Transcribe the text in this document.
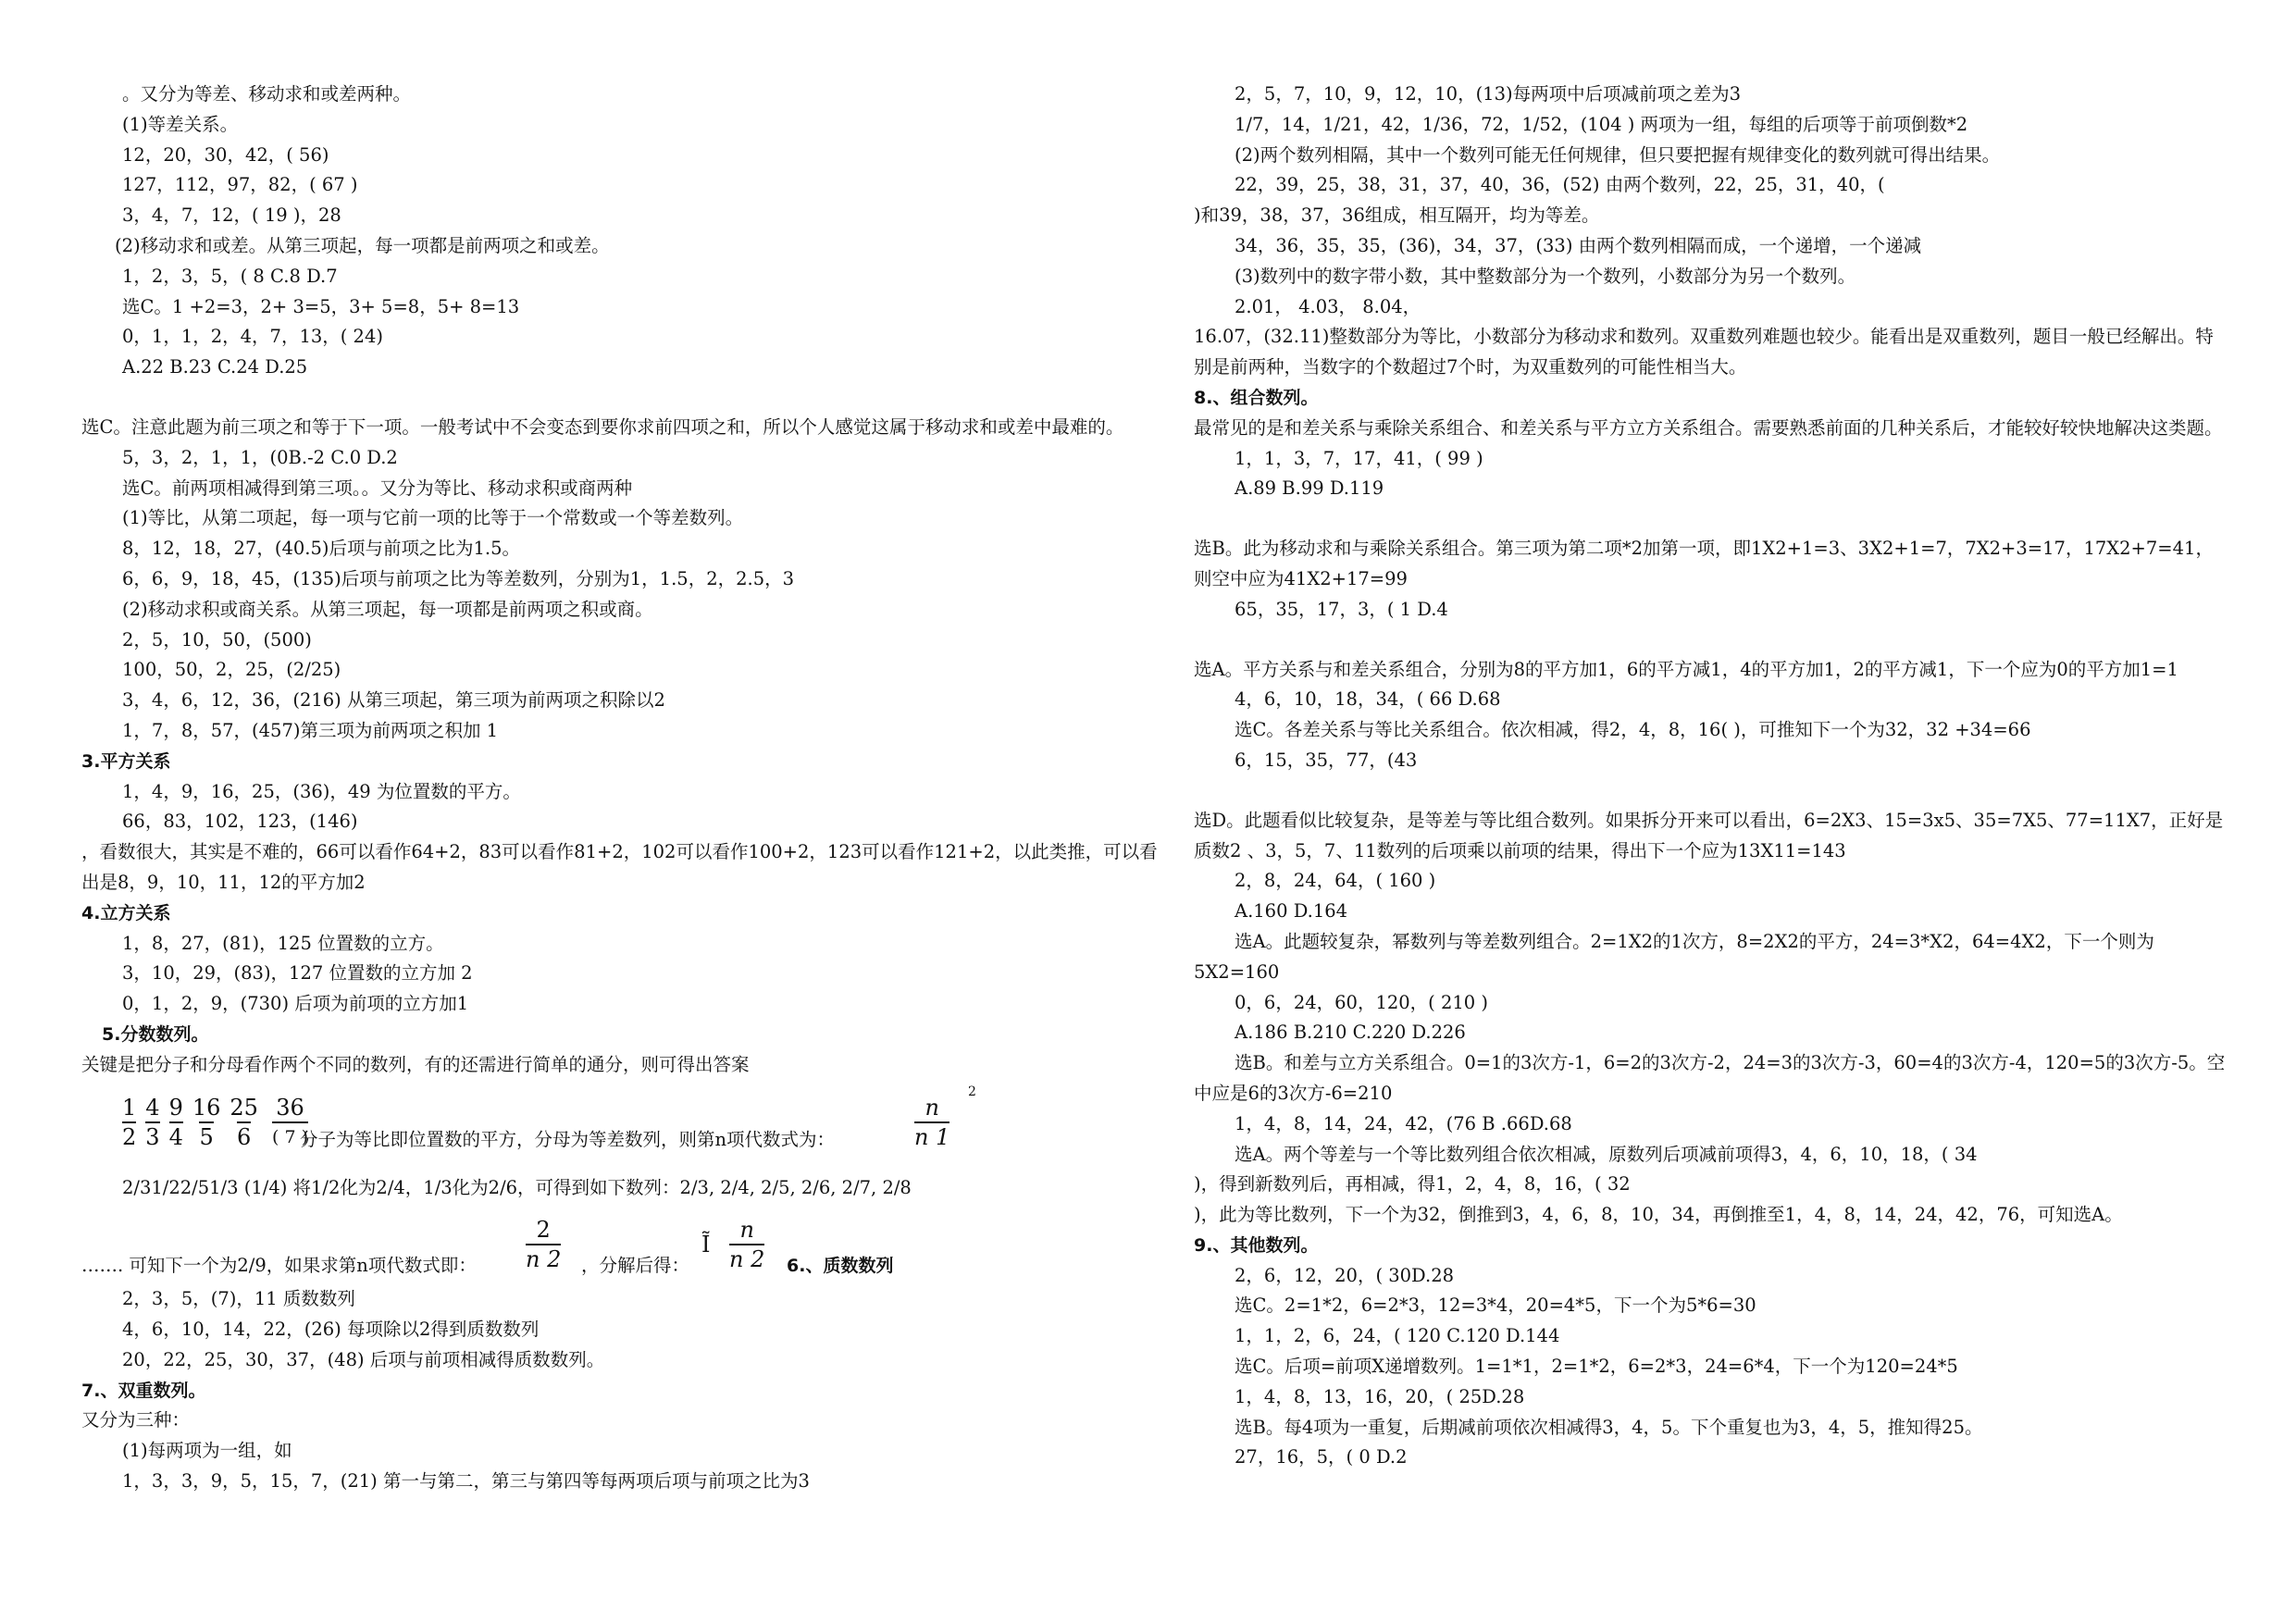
。又分为等差、移动求和或差两种。
(1)等差关系。
12，20，30，42，( 56)
127，112，97，82，( 67 )
3，4，7，12，( 19 )，28
(2)移动求和或差。从第三项起，每一项都是前两项之和或差。
1，2，3，5，( 8 C.8 D.7
选C。1 +2=3，2+ 3=5，3+ 5=8，5+ 8=13
0，1，1，2，4，7，13，( 24)
A.22 B.23 C.24 D.25
选C。注意此题为前三项之和等于下一项。一般考试中不会变态到要你求前四项之和，所以个人感觉这属于移动求和或差中最难的。
5，3，2，1，1，(0B.-2 C.0 D.2
选C。前两项相减得到第三项。。又分为等比、移动求积或商两种
(1)等比，从第二项起，每一项与它前一项的比等于一个常数或一个等差数列。
8，12，18，27，(40.5)后项与前项之比为1.5。
6，6，9，18，45，(135)后项与前项之比为等差数列，分别为1，1.5，2，2.5，3
(2)移动求积或商关系。从第三项起，每一项都是前两项之积或商。
2，5，10，50，(500)
100，50，2，25，(2/25)
3，4，6，12，36，(216) 从第三项起，第三项为前两项之积除以2
1，7，8，57，(457)第三项为前两项之积加 1
3.平方关系
1，4，9，16，25，(36)，49 为位置数的平方。
66，83，102，123，(146)
，看数很大，其实是不难的，66可以看作64+2，83可以看作81+2，102可以看作100+2，123可以看作121+2，以此类推，可以看出是8，9，10，11，12的平方加2
4.立方关系
1，8，27，(81)，125 位置数的立方。
3，10，29，(83)，127 位置数的立方加 2
0，1，2，9，(730) 后项为前项的立方加1
5.分数数列。
关键是把分子和分母看作两个不同的数列，有的还需进行简单的通分，则可得出答案
$\frac{1}{2} \frac{4}{3} \frac{9}{4} \frac{16}{5} \frac{25}{6} 36$
( 7 )
分子为等比即位置数的平方，分母为等差数列，则第n项代数式为：	$\frac{n}{n 1}$
2
2/31/22/51/3 (1/4) 将1/2化为2/4，1/3化为2/6，可得到如下数列：2/3, 2/4, 2/5, 2/6, 2/7, 2/8
……. 可知下一个为2/9，如果求第n项代数式即： $\frac{2}{n 2}$ ，分解后得：
Ĩ $\frac{n}{n 2} 6$.、质数数列
2，3，5，(7)，11 质数数列
4，6，10，14，22，(26) 每项除以2得到质数数列
20，22，25，30，37，(48) 后项与前项相减得质数数列。
7.、双重数列。
又分为三种：
(1)每两项为一组，如
1，3，3，9，5，15，7，(21) 第一与第二，第三与第四等每两项后项与前项之比为3
2，5，7，10，9，12，10，(13)每两项中后项减前项之差为3
1/7，14，1/21，42，1/36，72，1/52，(104 ) 两项为一组，每组的后项等于前项倒数*2
(2)两个数列相隔，其中一个数列可能无任何规律，但只要把握有规律变化的数列就可得出结果。
22，39，25，38，31，37，40，36，(52) 由两个数列，22，25，31，40，(
)和39，38，37，36组成，相互隔开，均为等差。
34，36，35，35，(36)，34，37，(33) 由两个数列相隔而成，一个递增，一个递减
(3)数列中的数字带小数，其中整数部分为一个数列，小数部分为另一个数列。
2.01， 4.03， 8.04，
16.07，(32.11)整数部分为等比，小数部分为移动求和数列。双重数列难题也较少。能看出是双重数列，题目一般已经解出。特别是前两种，当数字的个数超过7个时，为双重数列的可能性相当大。
8.、组合数列。
最常见的是和差关系与乘除关系组合、和差关系与平方立方关系组合。需要熟悉前面的几种关系后，才能较好较快地解决这类题。
1，1，3，7，17，41，( 99 )
A.89 B.99 D.119
选B。此为移动求和与乘除关系组合。第三项为第二项*2加第一项，即1X2+1=3、3X2+1=7，7X2+3=17，17X2+7=41，则空中应为41X2+17=99
65，35，17，3，( 1 D.4
选A。平方关系与和差关系组合，分别为8的平方加1，6的平方减1，4的平方加1，2的平方减1，下一个应为0的平方加1=1
4，6，10，18，34，( 66 D.68
选C。各差关系与等比关系组合。依次相减，得2，4，8，16( )，可推知下一个为32，32 +34=66
6，15，35，77，(43
选D。此题看似比较复杂，是等差与等比组合数列。如果拆分开来可以看出，6=2X3、15=3x5、35=7X5、77=11X7，正好是质数2 、3，5，7、11数列的后项乘以前项的结果，得出下一个应为13X11=143
2，8，24，64，( 160 )
A.160 D.164
选A。此题较复杂，幂数列与等差数列组合。2=1X2的1次方，8=2X2的平方，24=3*X2，64=4X2，下一个则为5X2=160
0，6，24，60，120，( 210 )
A.186 B.210 C.220 D.226
选B。和差与立方关系组合。0=1的3次方-1，6=2的3次方-2，24=3的3次方-3，60=4的3次方-4，120=5的3次方-5。空中应是6的3次方-6=210
1，4，8，14，24，42，(76 B .66D.68
选A。两个等差与一个等比数列组合依次相减，原数列后项减前项得3，4，6，10，18，( 34
)，得到新数列后，再相减，得1，2，4，8，16，( 32
)，此为等比数列，下一个为32，倒推到3，4，6，8，10，34，再倒推至1，4，8，14，24，42，76，可知选A。
9.、其他数列。
2，6，12，20，( 30D.28
选C。2=1*2，6=2*3，12=3*4，20=4*5，下一个为5*6=30
1，1，2，6，24，( 120 C.120 D.144
选C。后项=前项X递增数列。1=1*1，2=1*2，6=2*3，24=6*4，下一个为120=24*5
1，4，8，13，16，20，( 25D.28
选B。每4项为一重复，后期减前项依次相减得3，4，5。下个重复也为3，4，5，推知得25。
27，16，5，( 0 D.2
